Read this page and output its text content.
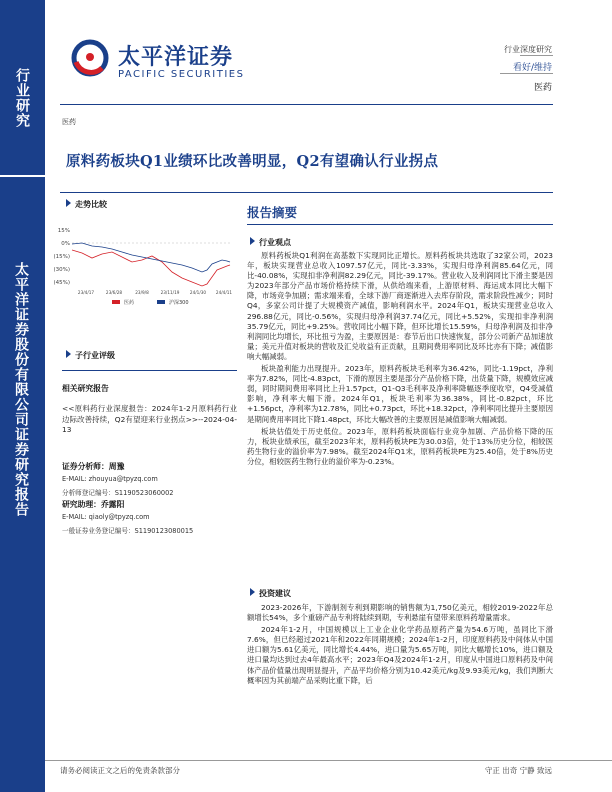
行业研究
太平洋证券股份有限公司证券研究报告
太平洋证券
PACIFIC SECURITIES
行业深度研究
看好/维持
医药
医药
原料药板块Q1业绩环比改善明显，Q2有望确认行业拐点
走势比较
15%
0%
(15%)
(30%)
(45%)
23/4/17	23/6/28	23/9/8	23/11/19	24/1/30 24/4/11
医药	沪深300
子行业评级
相关研究报告
<<原料药行业深度报告：2024年1-2月原料药行业边际改善持续，Q2有望迎来行业拐点>>--2024-04-13
证券分析师：周豫
E-MAIL: zhouyua@tpyzq.com
分析师登记编号：S1190523060002
研究助理：乔露阳
E-MAIL: qiaoly@tpyzq.com
一般证券业务登记编号：S1190123080015
报告摘要
行业观点

原料药板块Q1利润在高基数下实现同比正增长。原料药板块共选取了32家公司，2023年，板块实现营业总收入1097.57亿元，同比-3.33%，实现归母净利润85.64亿元，同比-40.08%，实现扣非净利润82.29亿元，同比-39.17%。营业收入及利润同比下滑主要是因为2023年部分产品市场价格持续下滑，从供给端来看，上游原材料、海运成本同比大幅下降，市场竞争加剧；需求端来看，全球下游厂商逐渐进入去库存阶段，需求阶段性减少；同时Q4，多家公司计提了大规模资产减值，影响利润水平。2024年Q1，板块实现营业总收入296.88亿元，同比-0.56%，实现归母净利润37.74亿元，同比+5.52%，实现扣非净利润35.79亿元，同比+9.25%。营收同比小幅下降，但环比增长15.59%，归母净利润及扣非净利润同比均增长，环比扭亏为盈，主要原因是：春节后出口快速恢复，部分公司新产品加速放量；美元升值对板块的营收及汇兑收益有正贡献，且期间费用率同比及环比亦有下降；减值影响大幅减弱。

板块盈利能力出现提升。2023年，原料药板块毛利率为36.42%，同比-1.19pct，净利率为7.82%，同比-4.83pct，下滑的原因主要是部分产品价格下降，出货量下降，规模效应减弱，同时期间费用率同比上升1.57pct，Q1-Q3毛利率及净利率降幅逐季度收窄，Q4受减值影响，净利率大幅下滑。2024年Q1，板块毛利率为36.38%，同比-0.82pct，环比+1.56pct，净利率为12.78%，同比+0.73pct，环比+18.32pct，净利率同比提升主要原因是期间费用率同比下降1.48pct，环比大幅改善的主要原因是减值影响大幅减弱。

板块估值处于历史低位。2023年，原料药板块面临行业竞争加剧、产品价格下降的压力，板块业绩承压，截至2023年末，原料药板块PE为30.03倍，处于13%历史分位，相较医药生物行业的溢价率为7.98%。截至2024年Q1末，原料药板块PE为25.40倍，处于8%历史分位，相较医药生物行业的溢价率为-0.23%。

投资建议

2023-2026年，下游制剂专利到期影响的销售额为1,750亿美元，相较2019-2022年总额增长54%，多个重磅产品专利将陆续到期，专利悬崖有望带来原料药增量需求。

2024年1-2月，中国规模以上工业企业化学药品原药产量为54.6万吨，虽同比下滑7.6%，但已经超过2021年和2022年同期规模；2024年1-2月，印度原料药及中间体从中国进口额为5.61亿美元，同比增长4.44%，进口量为5.65万吨，同比大幅增长10%，进口额及进口量均达到过去4年最高水平；2023年Q4及2024年1-2月，印度从中国进口原料药及中间体产品价值量出现明显提升，产品平均价格分别为10.42美元/kg及9.93美元/kg，我们判断大概率因为其前端产品采购比重下降，后

请务必阅读正文之后的免责条款部分	守正 出奇 宁静 致远
